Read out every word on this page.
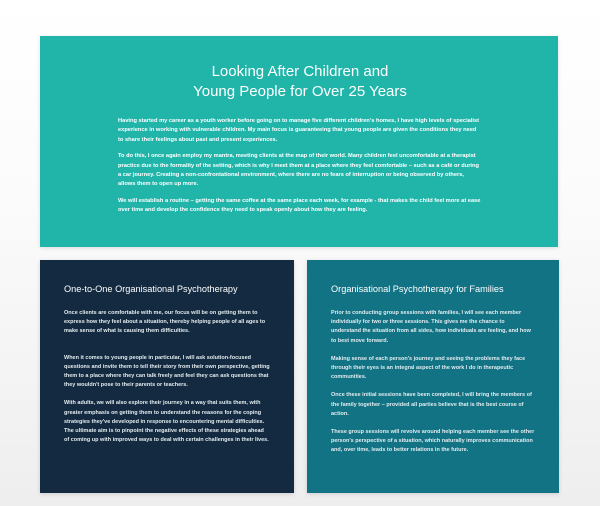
Looking After Children and
Young People for Over 25 Years

Having started my career as a youth worker before going on to manage five different children's homes, I have high levels of specialist experience in working with vulnerable children. My main focus is guaranteeing that young people are given the conditions they need to share their feelings about past and present experiences.

To do this, I once again employ my mantra, meeting clients at the map of their world. Many children feel uncomfortable at a therapist practice due to the formality of the setting, which is why I meet them at a place where they feel comfortable – such as a café or during a car journey. Creating a non-confrontational environment, where there are no fears of interruption or being observed by others, allows them to open up more.

We will establish a routine – getting the same coffee at the same place each week, for example - that makes the child feel more at ease over time and develop the confidence they need to speak openly about how they are feeling.

One-to-One Organisational Psychotherapy

Once clients are comfortable with me, our focus will be on getting them to express how they feel about a situation, thereby helping people of all ages to make sense of what is causing them difficulties.

When it comes to young people in particular, I will ask solution-focused questions and invite them to tell their story from their own perspective, getting them to a place where they can talk freely and feel they can ask questions that they wouldn't pose to their parents or teachers.

With adults, we will also explore their journey in a way that suits them, with greater emphasis on getting them to understand the reasons for the coping strategies they've developed in response to encountering mental difficulties. The ultimate aim is to pinpoint the negative effects of these strategies ahead of coming up with improved ways to deal with certain challenges in their lives.

Organisational Psychotherapy for Families

Prior to conducting group sessions with families, I will see each member individually for two or three sessions. This gives me the chance to understand the situation from all sides, how individuals are feeling, and how to best move forward.

Making sense of each person's journey and seeing the problems they face through their eyes is an integral aspect of the work I do in therapeutic communities.

Once these initial sessions have been completed, I will bring the members of the family together – provided all parties believe that is the best course of action.

These group sessions will revolve around helping each member see the other person's perspective of a situation, which naturally improves communication and, over time, leads to better relations in the future.
